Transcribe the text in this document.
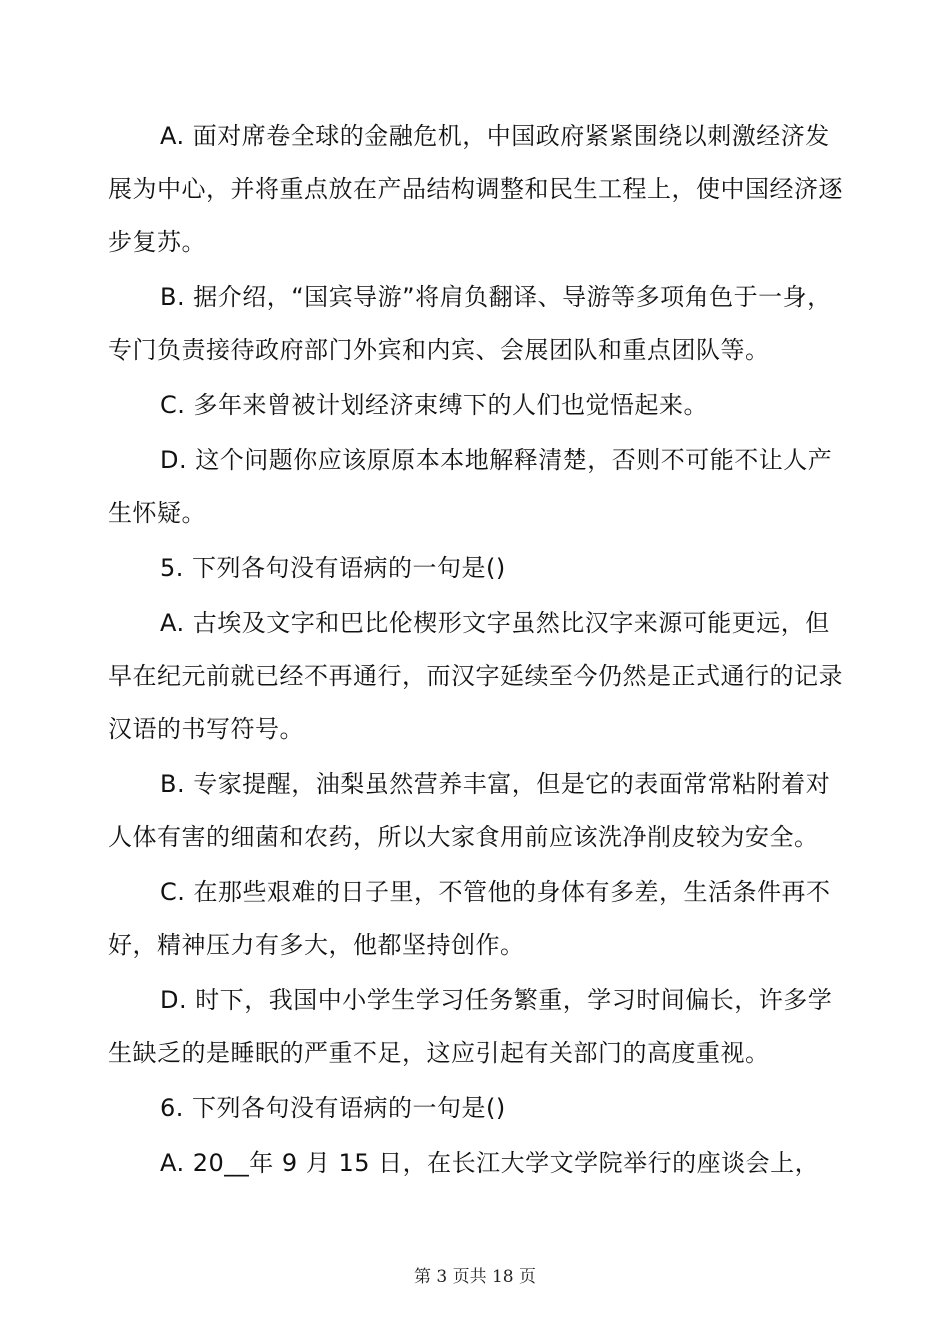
A. 面对席卷全球的金融危机，中国政府紧紧围绕以刺激经济发展为中心，并将重点放在产品结构调整和民生工程上，使中国经济逐步复苏。

B. 据介绍，“国宾导游”将肩负翻译、导游等多项角色于一身，专门负责接待政府部门外宾和内宾、会展团队和重点团队等。

C. 多年来曾被计划经济束缚下的人们也觉悟起来。

D. 这个问题你应该原原本本地解释清楚，否则不可能不让人产生怀疑。

5. 下列各句没有语病的一句是()

A. 古埃及文字和巴比伦楔形文字虽然比汉字来源可能更远，但早在纪元前就已经不再通行，而汉字延续至今仍然是正式通行的记录汉语的书写符号。

B. 专家提醒，油梨虽然营养丰富，但是它的表面常常粘附着对人体有害的细菌和农药，所以大家食用前应该洗净削皮较为安全。

C. 在那些艰难的日子里，不管他的身体有多差，生活条件再不好，精神压力有多大，他都坚持创作。

D. 时下，我国中小学生学习任务繁重，学习时间偏长，许多学生缺乏的是睡眠的严重不足，这应引起有关部门的高度重视。

6. 下列各句没有语病的一句是()

A. 20__年 9 月 15 日，在长江大学文学院举行的座谈会上，

第 3 页共 18 页
